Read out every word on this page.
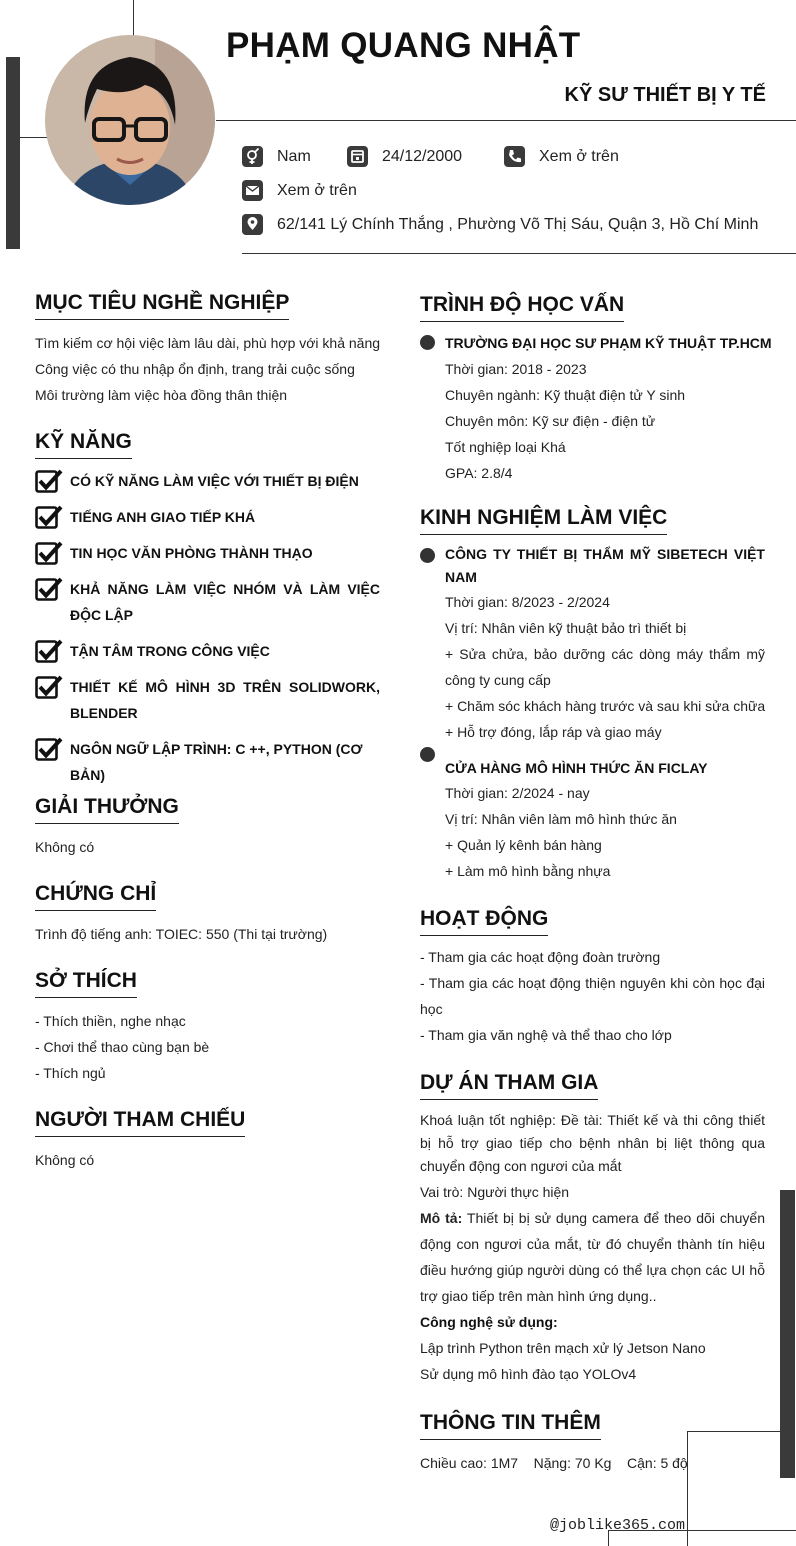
PHẠM QUANG NHẬT
KỸ SƯ THIẾT BỊ Y TẾ
Nam	24/12/2000	Xem ở trên
Xem ở trên
62/141 Lý Chính Thắng , Phường Võ Thị Sáu, Quận 3, Hồ Chí Minh
MỤC TIÊU NGHỀ NGHIỆP
Tìm kiếm cơ hội việc làm lâu dài, phù hợp với khả năng
Công việc có thu nhập ổn định, trang trải cuộc sống
Môi trường làm việc hòa đồng thân thiện
KỸ NĂNG
CÓ KỸ NĂNG LÀM VIỆC VỚI THIẾT BỊ ĐIỆN
TIẾNG ANH GIAO TIẾP KHÁ
TIN HỌC VĂN PHÒNG THÀNH THẠO
KHẢ NĂNG LÀM VIỆC NHÓM VÀ LÀM VIỆC ĐỘC LẬP
TẬN TÂM TRONG CÔNG VIỆC
THIẾT KẾ MÔ HÌNH 3D TRÊN SOLIDWORK, BLENDER
NGÔN NGỮ LẬP TRÌNH: C ++, PYTHON (CƠ BẢN)
GIẢI THƯỞNG
Không có
CHỨNG CHỈ
Trình độ tiếng anh: TOIEC: 550 (Thi tại trường)
SỞ THÍCH
- Thích thiền, nghe nhạc
- Chơi thể thao cùng bạn bè
- Thích ngủ
NGƯỜI THAM CHIẾU
Không có
TRÌNH ĐỘ HỌC VẤN
TRƯỜNG ĐẠI HỌC SƯ PHẠM KỸ THUẬT TP.HCM
Thời gian: 2018 - 2023
Chuyên ngành: Kỹ thuật điện tử Y sinh
Chuyên môn: Kỹ sư điện - điện tử
Tốt nghiệp loại Khá
GPA: 2.8/4
KINH NGHIỆM LÀM VIỆC
CÔNG TY THIẾT BỊ THẨM MỸ SIBETECH VIỆT NAM
Thời gian: 8/2023 - 2/2024
Vị trí: Nhân viên kỹ thuật bảo trì thiết bị
+ Sửa chửa, bảo dưỡng các dòng máy thẩm mỹ công ty cung cấp
+ Chăm sóc khách hàng trước và sau khi sửa chữa
+ Hỗ trợ đóng, lắp ráp và giao máy
CỬA HÀNG MÔ HÌNH THỨC ĂN FICLAY
Thời gian: 2/2024 - nay
Vị trí: Nhân viên làm mô hình thức ăn
+ Quản lý kênh bán hàng
+ Làm mô hình bằng nhựa
HOẠT ĐỘNG
- Tham gia các hoạt động đoàn trường
- Tham gia các hoạt động thiện nguyên khi còn học đại học
- Tham gia văn nghệ và thể thao cho lớp
DỰ ÁN THAM GIA
Khoá luận tốt nghiệp: Đề tài: Thiết kế và thi công thiết bị hỗ trợ giao tiếp cho bệnh nhân bị liệt thông qua chuyển động con ngươi của mắt
Vai trò: Người thực hiện
Mô tả: Thiết bị bị sử dụng camera để theo dõi chuyển động con ngươi của mắt, từ đó chuyển thành tín hiệu điều hướng giúp người dùng có thể lựa chọn các UI hỗ trợ giao tiếp trên màn hình ứng dụng..
Công nghệ sử dụng:
Lập trình Python trên mạch xử lý Jetson Nano
Sử dụng mô hình đào tạo YOLOv4
THÔNG TIN THÊM
Chiều cao: 1M7    Nặng: 70 Kg    Cận: 5 độ
@joblike365.com
